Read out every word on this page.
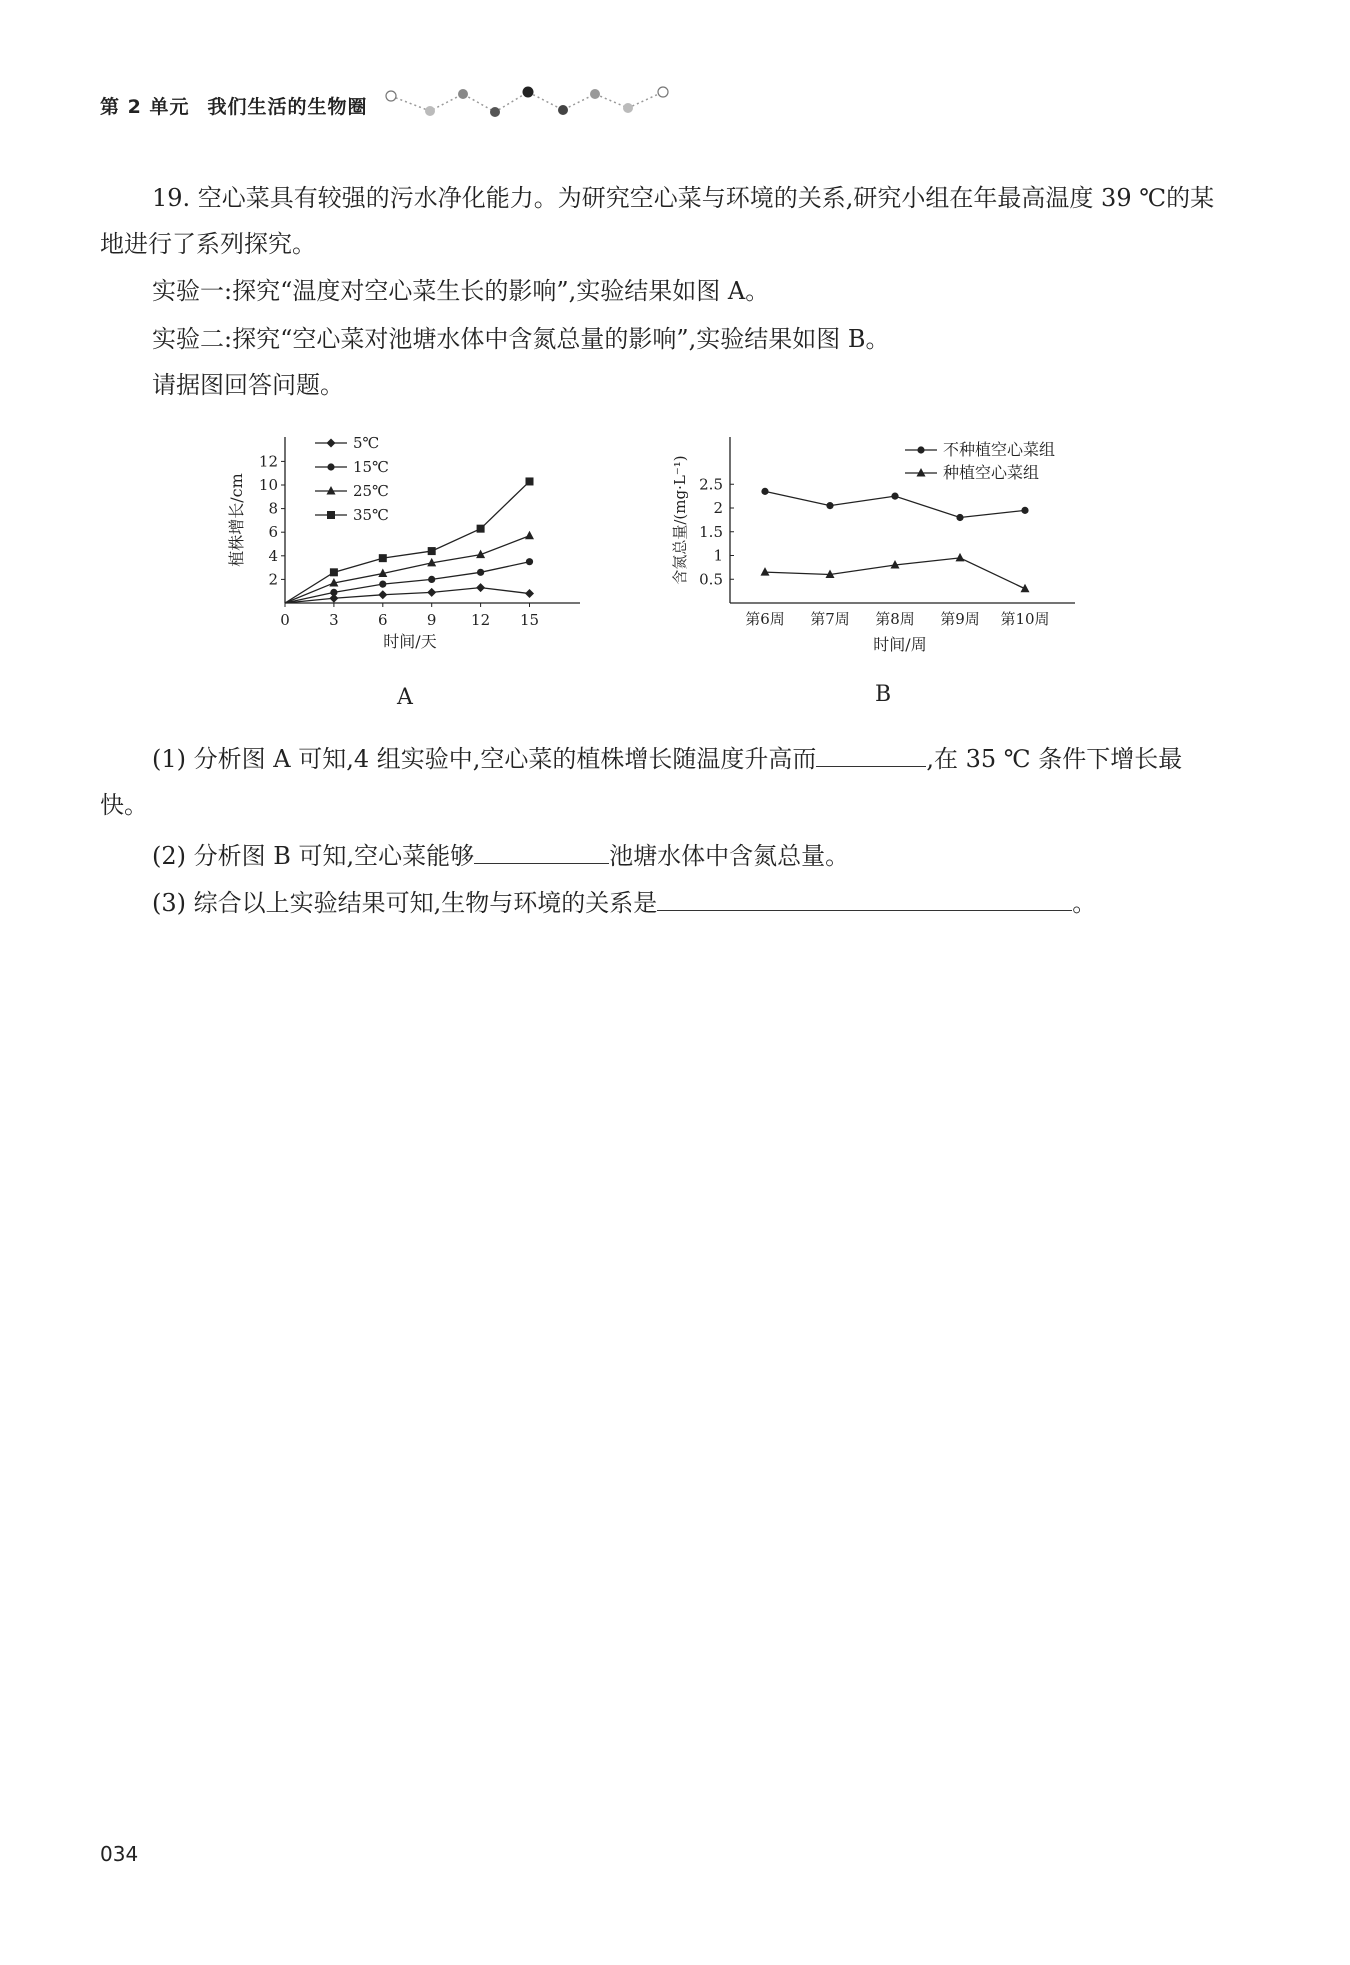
第 2 单元 我们生活的生物圈
19. 空心菜具有较强的污水净化能力。为研究空心菜与环境的关系,研究小组在年最高温度 39 ℃的某地进行了系列探究。
实验一:探究“温度对空心菜生长的影响”,实验结果如图 A。
实验二:探究“空心菜对池塘水体中含氮总量的影响”,实验结果如图 B。
请据图回答问题。
0	3	6	9 12 15
2
4
6
8
10
12
时间/天
植株增长/cm
5℃
15℃
25℃
35℃
A
0.5
1
1.5
2
2.5
第6周 第7周 第8周 第9周 第10周
时间/周
含氮总量/(mg·L⁻¹)
不种植空心菜组
种植空心菜组
B
(1) 分析图 A 可知,4 组实验中,空心菜的植株增长随温度升高而	,在 35 ℃ 条件下增长最快。
(2) 分析图 B 可知,空心菜能够	池塘水体中含氮总量。
(3) 综合以上实验结果可知,生物与环境的关系是	。
034
